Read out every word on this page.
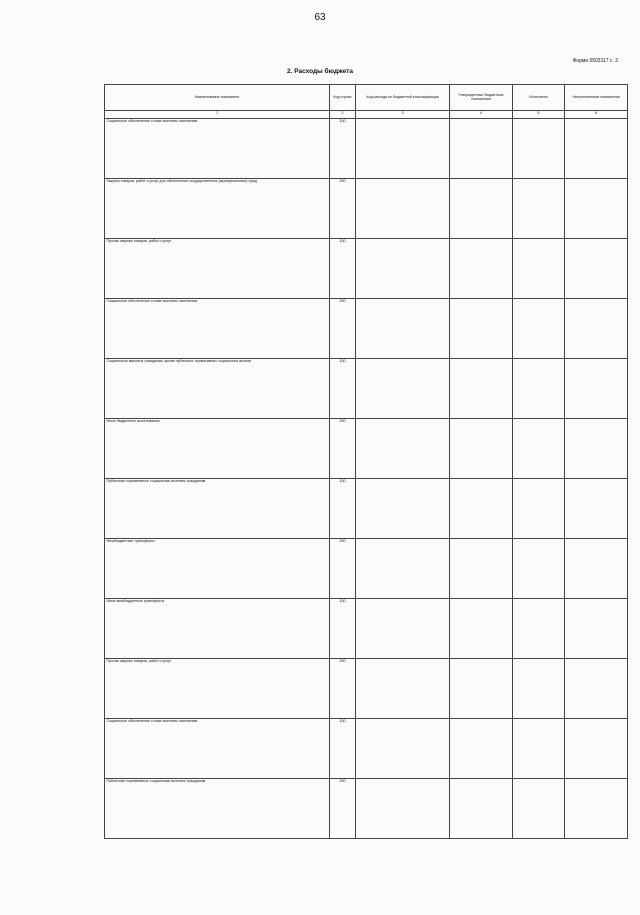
63
Форма 0503117 с. 2
2. Расходы бюджета
Наименование показателя	Код строки	Код расхода по бюджетной классификации	Утвержденные бюджетные назначения	Исполнено	Неисполненные назначения
1	2	3	4	5	6
Социальное обеспечение и иные выплаты населению	200				
Закупка товаров, работ и услуг для обеспечения государственных (муниципальных) нужд	200				
Прочая закупка товаров, работ и услуг	200				
Социальное обеспечение и иные выплаты населению	200				
Социальные выплаты гражданам, кроме публичных нормативных социальных выплат	200				
Иные бюджетные ассигнования	200				
Публичные нормативные социальные выплаты гражданам	200				
Межбюджетные трансферты	200				
Иные межбюджетные трансферты	200				
Прочая закупка товаров, работ и услуг	200				
Социальное обеспечение и иные выплаты населению	200				
Публичные нормативные социальные выплаты гражданам	200				
